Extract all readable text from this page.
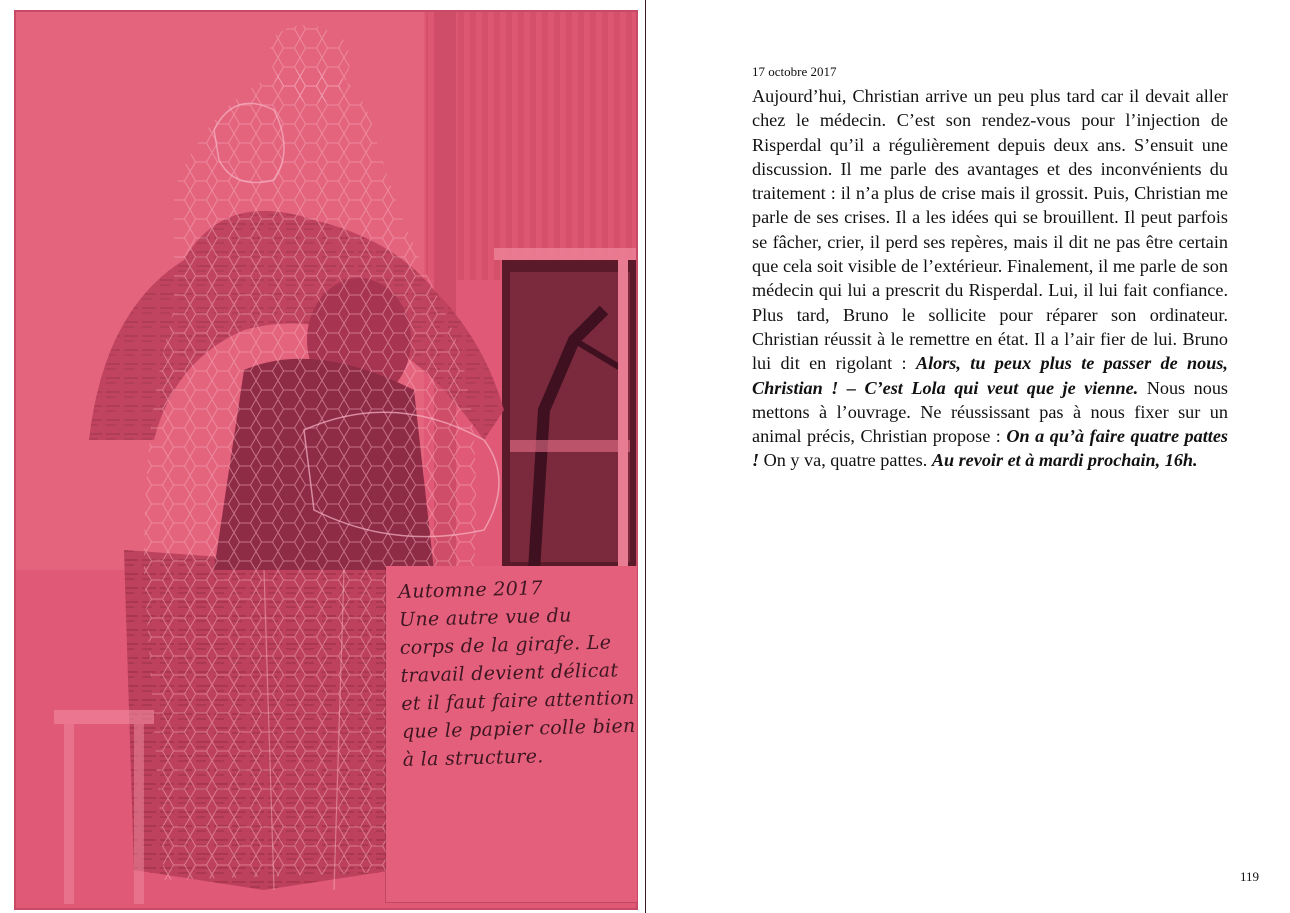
Automne 2017
Une autre vue du
corps de la girafe. Le
travail devient délicat
et il faut faire attention
que le papier colle bien
à la structure.
17 octobre 2017

Aujourd’hui, Christian arrive un peu plus tard car il devait aller chez le médecin. C’est son rendez-vous pour l’injection de Risperdal qu’il a régulièrement depuis deux ans. S’ensuit une discussion. Il me parle des avantages et des inconvénients du traitement : il n’a plus de crise mais il grossit. Puis, Christian me parle de ses crises. Il a les idées qui se brouillent. Il peut parfois se fâcher, crier, il perd ses repères, mais il dit ne pas être certain que cela soit visible de l’extérieur. Finalement, il me parle de son médecin qui lui a prescrit du Risperdal. Lui, il lui fait confiance. Plus tard, Bruno le sollicite pour réparer son ordinateur. Christian réussit à le remettre en état. Il a l’air fier de lui. Bruno lui dit en rigolant : Alors, tu peux plus te passer de nous, Christian ! – C’est Lola qui veut que je vienne. Nous nous mettons à l’ouvrage. Ne réussissant pas à nous fixer sur un animal précis, Christian propose : On a qu’à faire quatre pattes ! On y va, quatre pattes. Au revoir et à mardi prochain, 16h.

119
